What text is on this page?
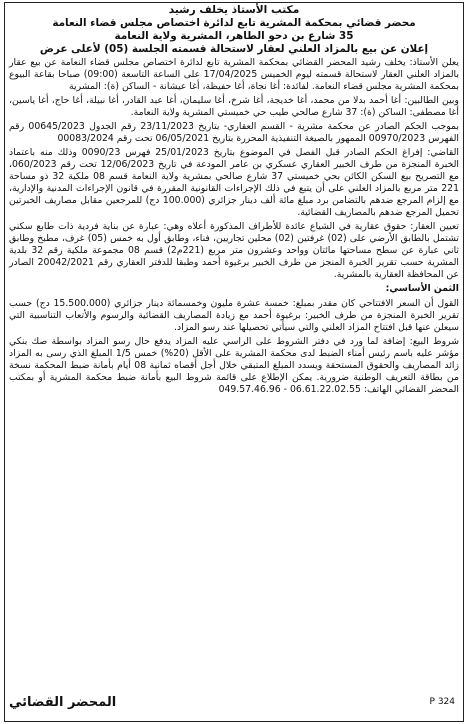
مكتب الأستاذ يخلف رشيد

محضر قضائي بمحكمة المشرية تابع لدائرة اختصاص مجلس قضاء النعامة

35 شارع بن دحو الطاهر، المشرية ولاية النعامة

إعلان عن بيع بالمزاد العلني لعقار لاستحالة قسمته الجلسة (05) لأعلى عرض

يعلن الأستاذ: يخلف رشيد المحضر القضائي بمحكمة المشرية تابع لدائرة اختصاص مجلس قضاء النعامة عن بيع عقار بالمزاد العلني العقار لاستحالة قسمته ليوم الخميس 17/04/2025 على الساعة التاسعة (09:00) صباحا بقاعة البيوع بمحكمة المشرية مجلس قضاء النعامة. لفائدة: أغا نجاة، أغا حفيظة، أغا عيشانة - الساكن (ة): المشرية

وبين الطالبين: أغا أحمد بدلا من محمد، أغا خديجة، أغا شرخ، أغا سليمان، أغا عبد القادر، أغا نبيلة، أغا حاج، أغا ياسين، أغا مصطفى: الساكن (ة): 37 شارع صالحي طيب حي خميستي المشرية ولاية النعامة.

بموجب الحكم الصادر عن محكمة مشرية - القسم العقاري- بتاريخ 23/11/2023 رقم الجدول 00645/2023 رقم الفهرس 00970/2023 الممهور بالصيغة التنفيذية المحررة بتاريخ 06/05/2021 تحت رقم 00083/2024

القاضي: إفراغ الحكم الصادر قبل الفصل في الموضوع بتاريخ 25/01/2023 فهرس 0090/23 وذلك منه باعتماد الخبرة المنجزة من طرف الخبير العقاري عسكري بن عامر المودعة في تاريخ 12/06/2023 تحت رقم 060/2023، مع التصريح بيع السكن الكائن بحي خميستي 37 شارع صالحي بمشرية ولاية النعامة قسم 08 ملكية 32 ذو مساحة 221 متر مربع بالمزاد العلني على أن يتبع في ذلك الإجراءات القانونية المقررة في قانون الإجراءات المدنية والإدارية، مع إلزام المرجع ضدهم بالتضامن برد مبلغ مائة ألف دينار جزائري (100.000 دج) للمرجعين مقابل مصاريف الخبرتين تحميل المرجع ضدهم بالمصاريف القضائية.

تعيين العقار: حقوق عقارية في الشياع عائدة للأطراف المذكورة أعلاه وهي: عبارة عن بناية فردية ذات طابع سكني تشتمل بالطابق الأرضي على (02) غرفتين (02) محلين تجاريين، فناء، وطابق أول به خمس (05) غرف، مطبخ وطابق ثاني عبارة عن سطح مساحتها مائتان وواحد وعشرون متر مربع (221م2) قسم 08 مجموعة ملكية رقم 32 بلدية المشرية حسب تقرير الخبرة المنجز من طرف الخبير برغيوة أحمد وطبقا للدفتر العقاري رقم 20042/2021 الصادر عن المحافظة العقارية بالمشرية.

الثمن الأساسي:

القول أن السعر الافتتاحي كان مقدر بمبلغ: خمسة عشرة مليون وخمسمائة دينار جزائري (15.500.000 دج) حسب تقرير الخبرة المنجزة من طرف الخبير: برغيوة أحمد مع زيادة المصاريف القضائية والرسوم والأتعاب التناسبية التي سيعلن عنها قبل افتتاح المزاد العلني والتي سيأتي تحصيلها عند رسو المزاد.

شروط البيع: إضافة لما ورد في دفتر الشروط على الراسي عليه المزاد يدفع حال رسو المزاد بواسطة صك بنكي مؤشر عليه باسم رئيس أمناء الضبط لدى محكمة المشرية على الأقل (20%) خمس 1/5 المبلغ الذي رسى به المزاد زائد المصاريف والحقوق المستحقة ويسدد المبلغ المتبقي خلال أجل أقصاه ثمانية 08 أيام بأمانة ضبط المحكمة نسخة من بطاقة التعريف الوطنية ضرورية. يمكن الإطلاع على قائمة شروط البيع بأمانة ضبط محكمة المشرية أو بمكتب المحضر القضائي الهاتف: 06.61.22.02.55 - 049.57.46.96

المحضر القضائي	P 324
